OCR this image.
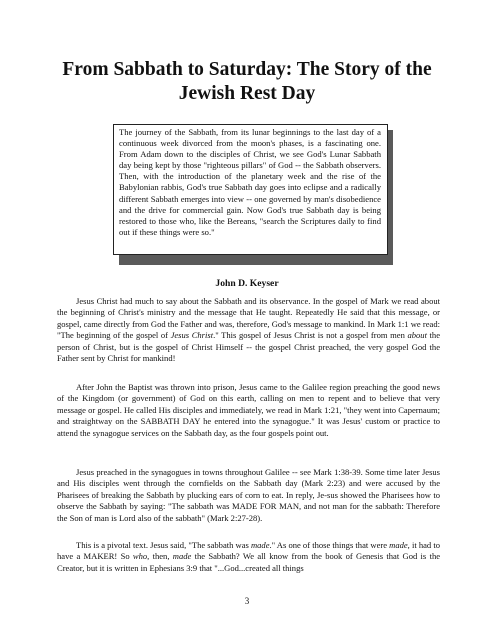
From Sabbath to Saturday: The Story of the Jewish Rest Day
The journey of the Sabbath, from its lunar beginnings to the last day of a continuous week divorced from the moon's phases, is a fascinating one. From Adam down to the disciples of Christ, we see God's Lunar Sabbath day being kept by those "righteous pillars" of God -- the Sabbath observers. Then, with the introduction of the planetary week and the rise of the Babylonian rabbis, God's true Sabbath day goes into eclipse and a radically different Sabbath emerges into view -- one governed by man's disobedience and the drive for commercial gain. Now God's true Sabbath day is being restored to those who, like the Bereans, "search the Scriptures daily to find out if these things were so."

John D. Keyser

Jesus Christ had much to say about the Sabbath and its observance. In the gospel of Mark we read about the beginning of Christ's ministry and the message that He taught. Repeatedly He said that this message, or gospel, came directly from God the Father and was, therefore, God's message to mankind. In Mark 1:1 we read: "The beginning of the gospel of Jesus Christ." This gospel of Jesus Christ is not a gospel from men about the person of Christ, but is the gospel of Christ Himself -- the gospel Christ preached, the very gospel God the Father sent by Christ for mankind!

After John the Baptist was thrown into prison, Jesus came to the Galilee region preaching the good news of the Kingdom (or government) of God on this earth, calling on men to repent and to believe that very message or gospel. He called His disciples and immediately, we read in Mark 1:21, "they went into Capernaum; and straightway on the SABBATH DAY he entered into the synagogue." It was Jesus' custom or practice to attend the synagogue services on the Sabbath day, as the four gospels point out.

Jesus preached in the synagogues in towns throughout Galilee -- see Mark 1:38-39. Some time later Jesus and His disciples went through the cornfields on the Sabbath day (Mark 2:23) and were accused by the Pharisees of breaking the Sabbath by plucking ears of corn to eat. In reply, Je-sus showed the Pharisees how to observe the Sabbath by saying: "The sabbath was MADE FOR MAN, and not man for the sabbath: Therefore the Son of man is Lord also of the sabbath" (Mark 2:27-28).

This is a pivotal text. Jesus said, "The sabbath was made." As one of those things that were made, it had to have a MAKER! So who, then, made the Sabbath? We all know from the book of Genesis that God is the Creator, but it is written in Ephesians 3:9 that "...God...created all things

3
